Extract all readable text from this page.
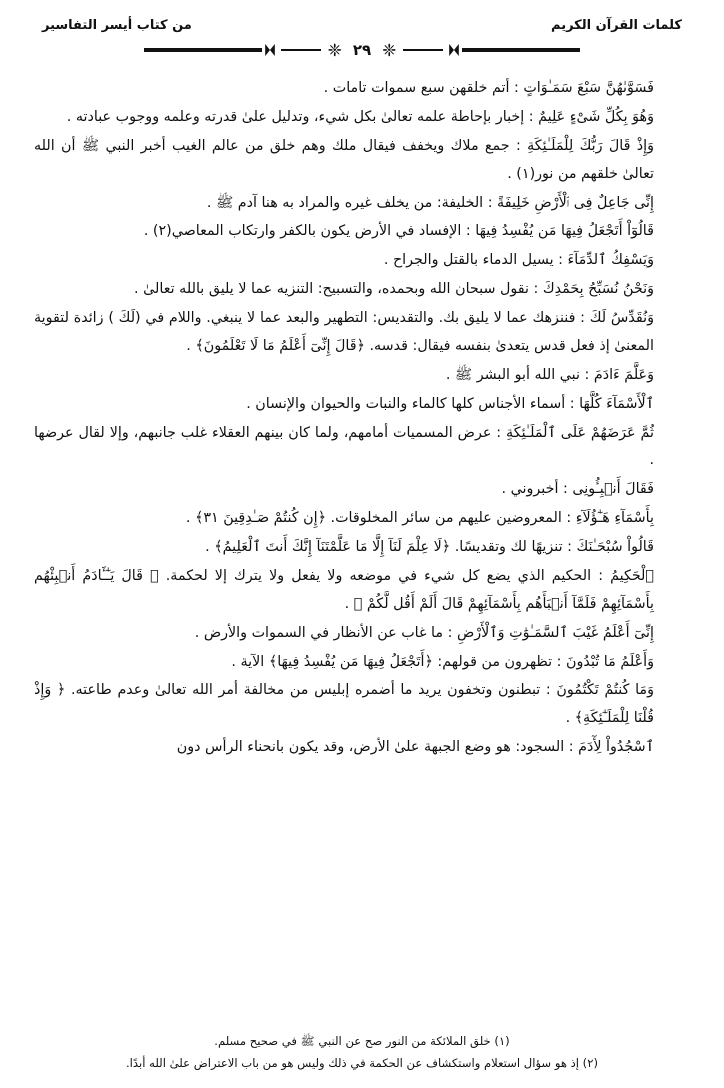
كلمات القرآن الكريم
من كتاب أيسر التفاسير
❈
٢٩
❈

فَسَوَّىٰهُنَّ سَبْعَ سَمَـٰوَاتٍ : أتم خلقهن سبع سموات تامات .

وَهُوَ بِكُلِّ شَىْءٍ عَلِيمٌ : إخبار بإحاطة علمه تعالىٰ بكل شيء، وتدليل علىٰ قدرته وعلمه ووجوب عبادته .

وَإِذْ قَالَ رَبُّكَ لِلْمَلَـٰئِكَةِ : جمع ملاك ويخفف فيقال ملك وهم خلق من عالم الغيب أخبر النبي ﷺ أن الله تعالىٰ خلقهم من نور(١) .

إِنِّى جَاعِلٌ فِى ٱلْأَرْضِ خَلِيفَةً : الخليفة: من يخلف غيره والمراد به هنا آدم ﷺ .

قَالُوٓاْ أَتَجْعَلُ فِيهَا مَن يُفْسِدُ فِيهَا : الإفساد في الأرض يكون بالكفر وارتكاب المعاصي(٢) .

وَيَسْفِكُ ٱلدِّمَآءَ : يسيل الدماء بالقتل والجراح .

وَنَحْنُ نُسَبِّحُ بِحَمْدِكَ : نقول سبحان الله وبحمده، والتسبيح: التنزيه عما لا يليق بالله تعالىٰ .

وَنُقَدِّسُ لَكَ : فننزهك عما لا يليق بك. والتقديس: التطهير والبعد عما لا ينبغي. واللام في (لَكَ ) زائدة لتقوية المعنىٰ إذ فعل قدس يتعدىٰ بنفسه فيقال: قدسه. ﴿قَالَ إِنِّىٓ أَعْلَمُ مَا لَا تَعْلَمُونَ﴾ .

وَعَلَّمَ ءَادَمَ : نبي الله أبو البشر ﷺ .

ٱلْأَسْمَآءَ كُلَّهَا : أسماء الأجناس كلها كالماء والنبات والحيوان والإنسان .

ثُمَّ عَرَضَهُمْ عَلَى ٱلْمَلَـٰئِكَةِ : عرض المسميات أمامهم، ولما كان بينهم العقلاء غلب جانبهم، وإلا لقال عرضها .

فَقَالَ أَنۢبِـُٔونِى : أخبروني .

بِأَسْمَآءِ هَـٰٓؤُلَآءِ : المعروضين عليهم من سائر المخلوقات. ﴿إِن كُنتُمْ صَـٰدِقِينَ ٣١﴾ .

قَالُواْ سُبْحَـٰنَكَ : تنزيهًا لك وتقديسًا. ﴿لَا عِلْمَ لَنَآ إِلَّا مَا عَلَّمْتَنَآ إِنَّكَ أَنتَ ٱلْعَلِيمُ﴾ .

ٱلْحَكِيمُ : الحكيم الذي يضع كل شيء في موضعه ولا يفعل ولا يترك إلا لحكمة. ﴿ قَالَ يَـٰٓـَٔادَمُ أَنۢبِئْهُم بِأَسْمَآئِهِمْ فَلَمَّآ أَنۢبَأَهُم بِأَسْمَآئِهِمْ قَالَ أَلَمْ أَقُل لَّكُمْ ﴾ .

إِنِّىٓ أَعْلَمُ غَيْبَ ٱلسَّمَـٰوَٰتِ وَٱلْأَرْضِ : ما غاب عن الأنظار في السموات والأرض .

وَأَعْلَمُ مَا تُبْدُونَ : تظهرون من قولهم: ﴿أَتَجْعَلُ فِيهَا مَن يُفْسِدُ فِيهَا﴾ الآية .

وَمَا كُنتُمْ تَكْتُمُونَ : تبطنون وتخفون يريد ما أضمره إبليس من مخالفة أمر الله تعالىٰ وعدم طاعته. ﴿ وَإِذْ قُلْنَا لِلْمَلَـٰٓئِكَةِ﴾ .

ٱسْجُدُواْ لِأٓدَمَ : السجود: هو وضع الجبهة علىٰ الأرض، وقد يكون بانحناء الرأس دون

(١) خلق الملائكة من النور صح عن النبي ﷺ في صحيح مسلم.

(٢) إذ هو سؤال استعلام واستكشاف عن الحكمة في ذلك وليس هو من باب الاعتراض علىٰ الله أبدًا.
